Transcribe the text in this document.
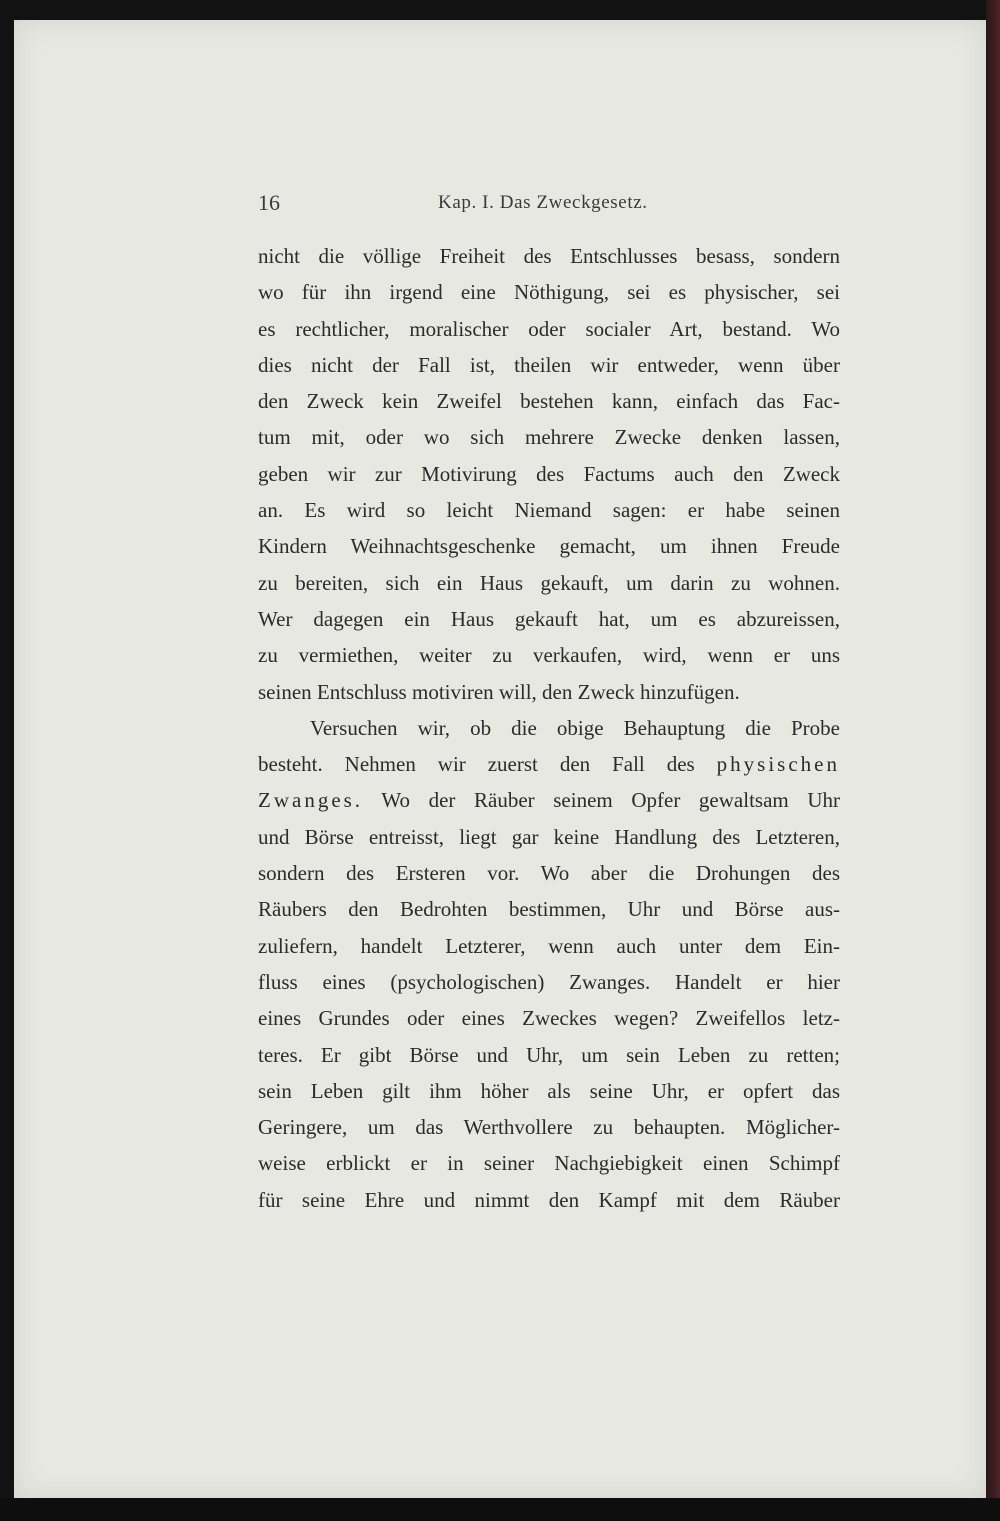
16	Kap. I. Das Zweckgesetz.
nicht die völlige Freiheit des Entschlusses besass, sondern
wo für ihn irgend eine Nöthigung, sei es physischer, sei
es rechtlicher, moralischer oder socialer Art, bestand. Wo
dies nicht der Fall ist, theilen wir entweder, wenn über
den Zweck kein Zweifel bestehen kann, einfach das Fac-
tum mit, oder wo sich mehrere Zwecke denken lassen,
geben wir zur Motivirung des Factums auch den Zweck
an. Es wird so leicht Niemand sagen: er habe seinen
Kindern Weihnachtsgeschenke gemacht, um ihnen Freude
zu bereiten, sich ein Haus gekauft, um darin zu wohnen.
Wer dagegen ein Haus gekauft hat, um es abzureissen,
zu vermiethen, weiter zu verkaufen, wird, wenn er uns
seinen Entschluss motiviren will, den Zweck hinzufügen.
Versuchen wir, ob die obige Behauptung die Probe
besteht. Nehmen wir zuerst den Fall des physischen
Zwanges. Wo der Räuber seinem Opfer gewaltsam Uhr
und Börse entreisst, liegt gar keine Handlung des Letzteren,
sondern des Ersteren vor. Wo aber die Drohungen des
Räubers den Bedrohten bestimmen, Uhr und Börse aus-
zuliefern, handelt Letzterer, wenn auch unter dem Ein-
fluss eines (psychologischen) Zwanges. Handelt er hier
eines Grundes oder eines Zweckes wegen? Zweifellos letz-
teres. Er gibt Börse und Uhr, um sein Leben zu retten;
sein Leben gilt ihm höher als seine Uhr, er opfert das
Geringere, um das Werthvollere zu behaupten. Möglicher-
weise erblickt er in seiner Nachgiebigkeit einen Schimpf
für seine Ehre und nimmt den Kampf mit dem Räuber
